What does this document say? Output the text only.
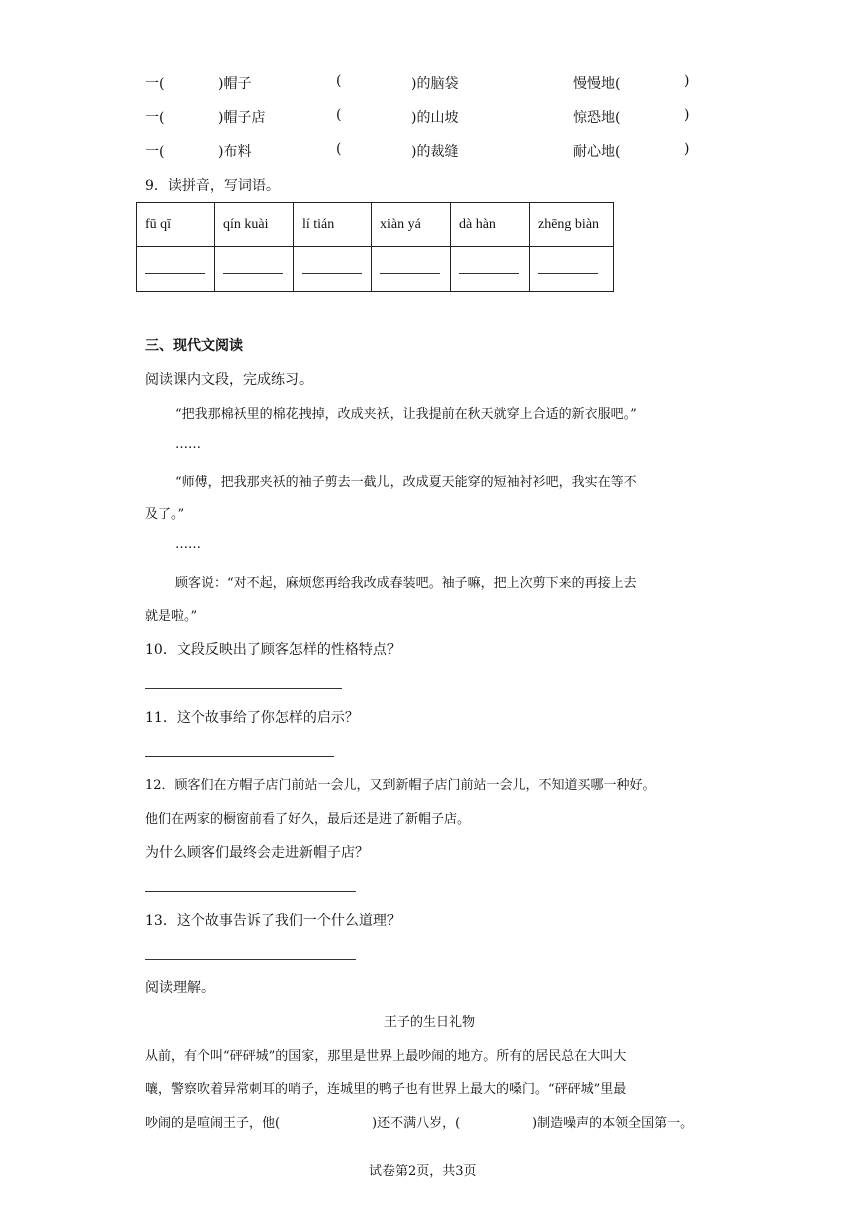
一(	)帽子	(	)的脑袋	慢慢地(	)
一(	)帽子店	(	)的山坡	惊恐地(	)
一(	)布料	(	)的裁缝	耐心地(	)
9．读拼音，写词语。
fū qī	qín kuài	lí tián	xiàn yá	dà hàn	zhēng biàn

三、现代文阅读
阅读课内文段，完成练习。
“把我那棉袄里的棉花拽掉，改成夹袄，让我提前在秋天就穿上合适的新衣服吧。”
……
“师傅，把我那夹袄的袖子剪去一截儿，改成夏天能穿的短袖衬衫吧，我实在等不
及了。”
……
顾客说：“对不起，麻烦您再给我改成春装吧。袖子嘛，把上次剪下来的再接上去
就是啦。”
10．文段反映出了顾客怎样的性格特点？
11．这个故事给了你怎样的启示？
12．顾客们在方帽子店门前站一会儿，又到新帽子店门前站一会儿，不知道买哪一种好。
他们在两家的橱窗前看了好久，最后还是进了新帽子店。
为什么顾客们最终会走进新帽子店？
13．这个故事告诉了我们一个什么道理？
阅读理解。
王子的生日礼物
从前，有个叫“砰砰城”的国家，那里是世界上最吵闹的地方。所有的居民总在大叫大
嚷，警察吹着异常刺耳的哨子，连城里的鸭子也有世界上最大的嗓门。“砰砰城”里最
吵闹的是喧闹王子，他(	)还不满八岁，(	)制造噪声的本领全国第一。
试卷第2页，共3页
